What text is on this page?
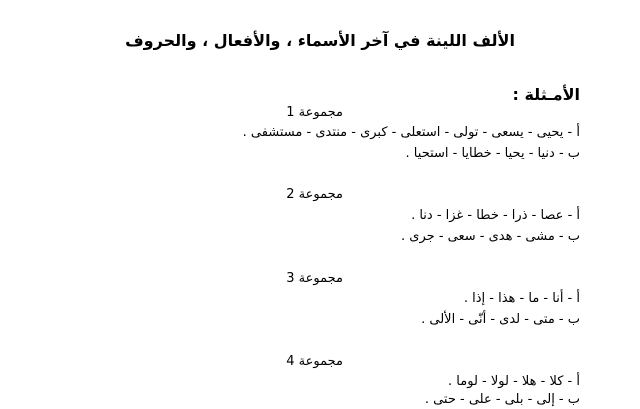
الألف اللينة في آخر الأسماء ، والأفعال ، والحروف
الأمـثلة :
مجموعة 1
أ - يحيى - يسعى - تولى - استعلى - كبرى - منتدى - مستشفى .
ب - دنيا - يحيا - خطايا - استحيا .
مجموعة 2
أ - عصا - ذرا - خطا - غزا - دنا .
ب - مشى - هدى - سعى - جرى .
مجموعة 3
أ - أنا - ما - هذا - إذا .
ب - متى - لدى - أنّى - الألى .
مجموعة 4
أ - كلا - هلا - لولا - لوما .
ب - إلى - بلى - على - حتى .
